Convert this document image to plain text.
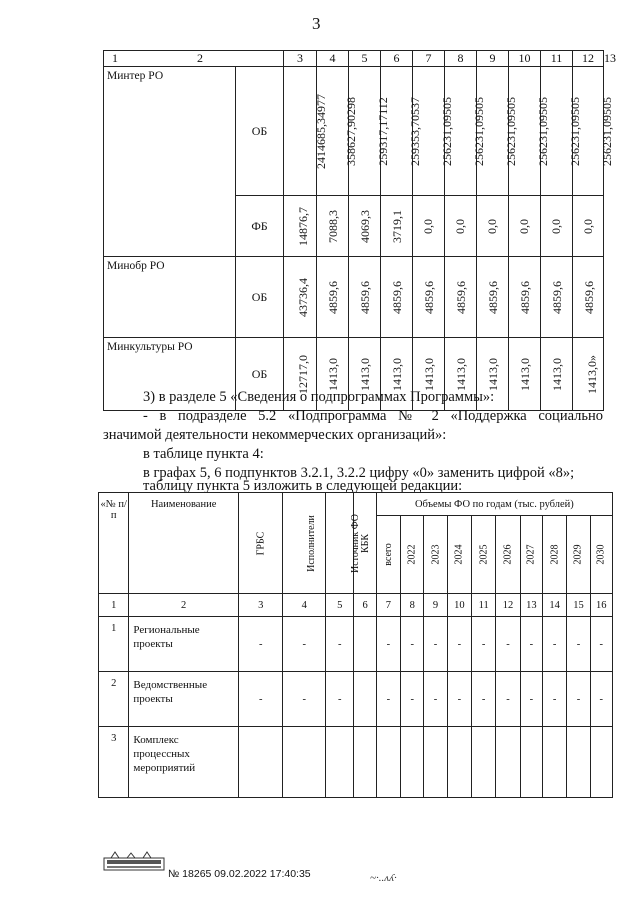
3
1 2		3	4	5	6	7	8	9	10	11	12	13
Минтер РО	ОБ	2414685,34977	358627,90298	259317,17112	259353,70537	256231,09505	256231,09505	256231,09505	256231,09505	256231,09505	256231,09505	
	ФБ	14876,7	7088,3	4069,3	3719,1	0,0	0,0	0,0	0,0	0,0	0,0	
Минобр РО	ОБ	43736,4	4859,6	4859,6	4859,6	4859,6	4859,6	4859,6	4859,6	4859,6	4859,6	
Минкультуры РО	ОБ	12717,0	1413,0	1413,0	1413,0	1413,0	1413,0	1413,0	1413,0	1413,0	1413,0»	
3) в разделе 5 «Сведения о подпрограммах Программы»:
- в подразделе 5.2 «Подпрограмма № 2 «Поддержка социально
значимой деятельности некоммерческих организаций»:
в таблице пункта 4:
в графах 5, 6 подпунктов 3.2.1, 3.2.2 цифру «0» заменить цифрой «8»;
таблицу пункта 5 изложить в следующей редакции:
«№ п/п	Наименование	ГРБС	Исполнители	Источник ФО	КБК	Объемы ФО по годам (тыс. рублей)									
						всего	2022	2023	2024	2025	2026	2027	2028	2029	2030
1	2	3	4	5	6	7	8	9	10	11	12	13	14	15	16
1	Региональные проекты	-	-	-		-	-	-	-	-	-	-	-	-	-
2	Ведомственные проекты	-	-	-		-	-	-	-	-	-	-	-	-	-
3	Комплекс процессных мероприятий														
№ 18265 09.02.2022 17:40:35	~·..ʌʎ·
